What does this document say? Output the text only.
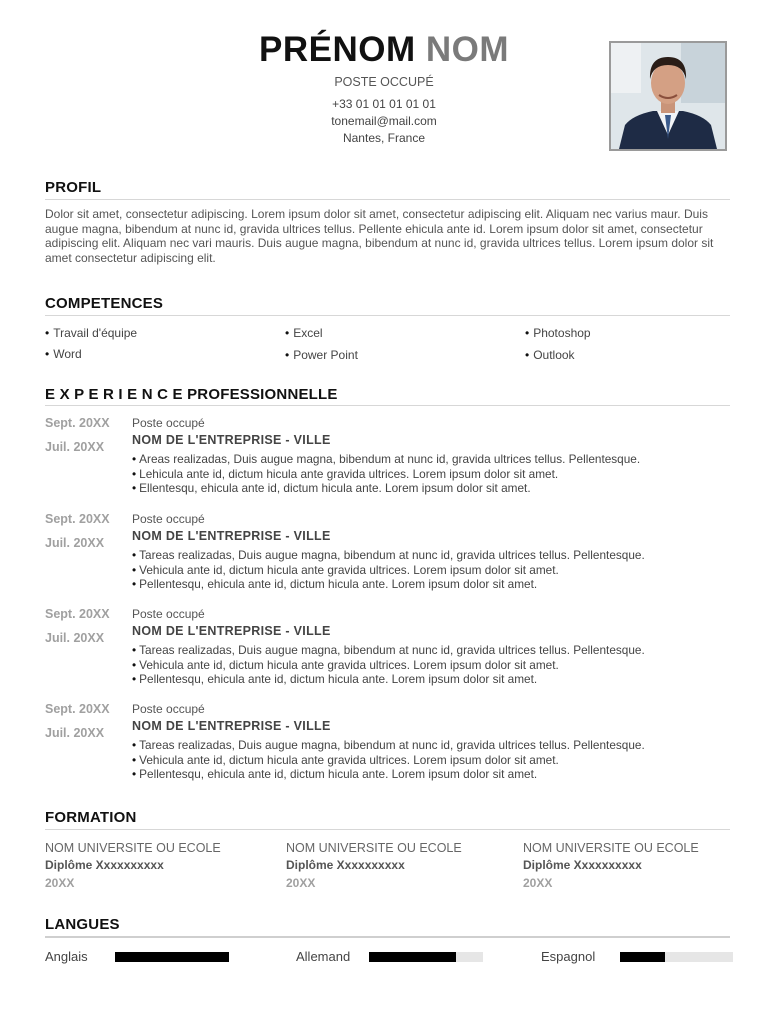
PRÉNOM NOM
POSTE OCCUPÉ
+33 01 01 01 01 01
tonemail@mail.com
Nantes, France
PROFIL
Dolor sit amet, consectetur adipiscing. Lorem ipsum dolor sit amet, consectetur adipiscing elit. Aliquam nec varius maur. Duis augue magna, bibendum at nunc id, gravida ultrices tellus. Pellente ehicula ante id. Lorem ipsum dolor sit amet, consectetur adipiscing elit. Aliquam nec vari mauris. Duis augue magna, bibendum at nunc id, gravida ultrices tellus. Lorem ipsum dolor sit amet consectetur adipiscing elit.
COMPETENCES
• Travail d'équipe	• Excel	• Photoshop
• Word	• Power Point	• Outlook
E X P E R I E N C E PROFESSIONNELLE
Sept. 20XX
Juil. 20XX
Poste occupé
NOM DE L'ENTREPRISE - VILLE
• Areas realizadas, Duis augue magna, bibendum at nunc id, gravida ultrices tellus. Pellentesque.
• Lehicula ante id, dictum hicula ante gravida ultrices. Lorem ipsum dolor sit amet.
• Ellentesqu, ehicula ante id, dictum hicula ante. Lorem ipsum dolor sit amet.
Sept. 20XX
Juil. 20XX
Poste occupé
NOM DE L'ENTREPRISE - VILLE
• Tareas realizadas, Duis augue magna, bibendum at nunc id, gravida ultrices tellus. Pellentesque.
• Vehicula ante id, dictum hicula ante gravida ultrices. Lorem ipsum dolor sit amet.
• Pellentesqu, ehicula ante id, dictum hicula ante. Lorem ipsum dolor sit amet.
Sept. 20XX
Juil. 20XX
Poste occupé
NOM DE L'ENTREPRISE - VILLE
• Tareas realizadas, Duis augue magna, bibendum at nunc id, gravida ultrices tellus. Pellentesque.
• Vehicula ante id, dictum hicula ante gravida ultrices. Lorem ipsum dolor sit amet.
• Pellentesqu, ehicula ante id, dictum hicula ante. Lorem ipsum dolor sit amet.
Sept. 20XX
Juil. 20XX
Poste occupé
NOM DE L'ENTREPRISE - VILLE
• Tareas realizadas, Duis augue magna, bibendum at nunc id, gravida ultrices tellus. Pellentesque.
• Vehicula ante id, dictum hicula ante gravida ultrices. Lorem ipsum dolor sit amet.
• Pellentesqu, ehicula ante id, dictum hicula ante. Lorem ipsum dolor sit amet.
FORMATION
NOM UNIVERSITE OU ECOLE
Diplôme Xxxxxxxxxx
20XX
NOM UNIVERSITE OU ECOLE
Diplôme Xxxxxxxxxx
20XX
NOM UNIVERSITE OU ECOLE
Diplôme Xxxxxxxxxx
20XX
LANGUES
Anglais	Allemand	Espagnol
